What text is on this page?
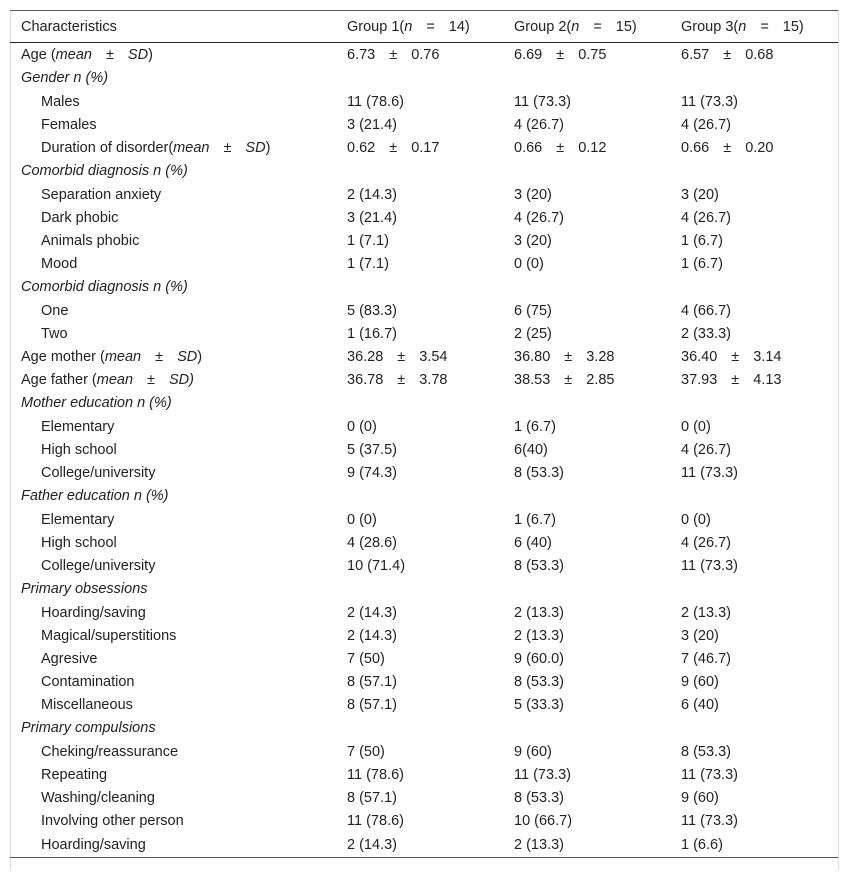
Characteristics	Group 1(n = 14)	Group 2(n = 15)	Group 3(n = 15)
Age (mean ± SD)	6.73 ± 0.76	6.69 ± 0.75	6.57 ± 0.68
Gender n (%)			
Males	11 (78.6)	11 (73.3)	11 (73.3)
Females	3 (21.4)	4 (26.7)	4 (26.7)
Duration of disorder(mean ± SD)	0.62 ± 0.17	0.66 ± 0.12	0.66 ± 0.20
Comorbid diagnosis n (%)			
Separation anxiety	2 (14.3)	3 (20)	3 (20)
Dark phobic	3 (21.4)	4 (26.7)	4 (26.7)
Animals phobic	1 (7.1)	3 (20)	1 (6.7)
Mood	1 (7.1)	0 (0)	1 (6.7)
Comorbid diagnosis n (%)			
One	5 (83.3)	6 (75)	4 (66.7)
Two	1 (16.7)	2 (25)	2 (33.3)
Age mother (mean ± SD)	36.28 ± 3.54	36.80 ± 3.28	36.40 ± 3.14
Age father (mean ± SD)	36.78 ± 3.78	38.53 ± 2.85	37.93 ± 4.13
Mother education n (%)			
Elementary	0 (0)	1 (6.7)	0 (0)
High school	5 (37.5)	6(40)	4 (26.7)
College/university	9 (74.3)	8 (53.3)	11 (73.3)
Father education n (%)			
Elementary	0 (0)	1 (6.7)	0 (0)
High school	4 (28.6)	6 (40)	4 (26.7)
College/university	10 (71.4)	8 (53.3)	11 (73.3)
Primary obsessions			
Hoarding/saving	2 (14.3)	2 (13.3)	2 (13.3)
Magical/superstitions	2 (14.3)	2 (13.3)	3 (20)
Agresive	7 (50)	9 (60.0)	7 (46.7)
Contamination	8 (57.1)	8 (53.3)	9 (60)
Miscellaneous	8 (57.1)	5 (33.3)	6 (40)
Primary compulsions			
Cheking/reassurance	7 (50)	9 (60)	8 (53.3)
Repeating	11 (78.6)	11 (73.3)	11 (73.3)
Washing/cleaning	8 (57.1)	8 (53.3)	9 (60)
Involving other person	11 (78.6)	10 (66.7)	11 (73.3)
Hoarding/saving	2 (14.3)	2 (13.3)	1 (6.6)
